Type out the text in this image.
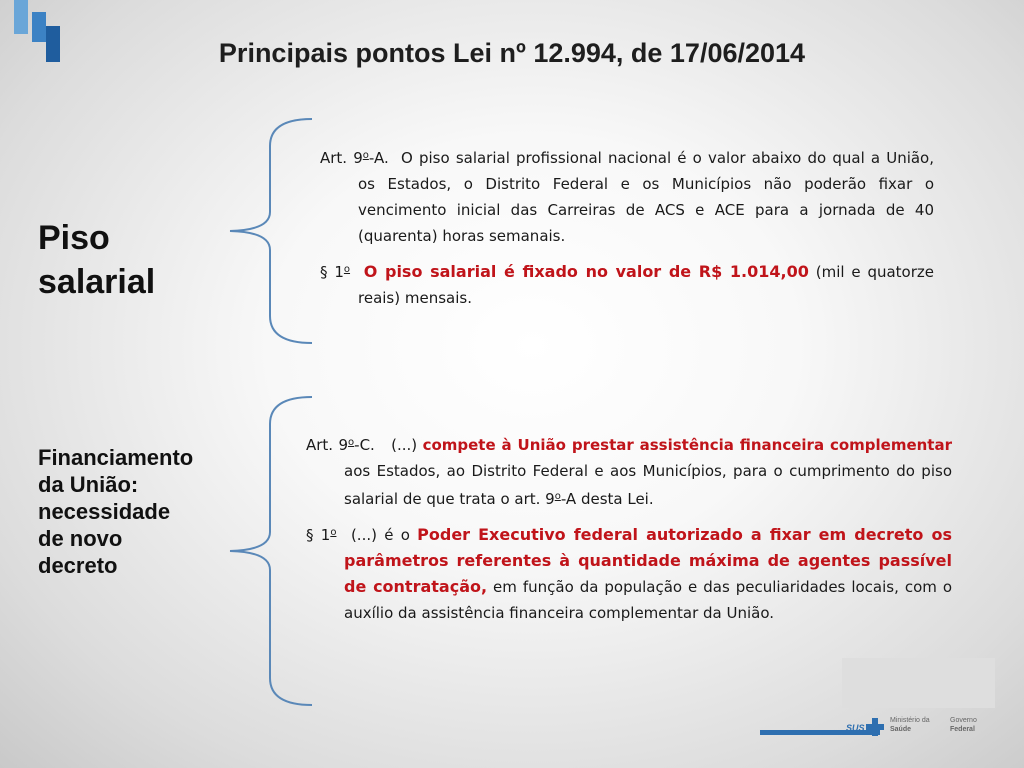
Principais pontos Lei nº 12.994, de 17/06/2014
Piso
salarial

Art. 9$^o$-A. O piso salarial profissional nacional é o valor abaixo do qual a União, os Estados, o Distrito Federal e os Municípios não poderão fixar o vencimento inicial das Carreiras de ACS e ACE para a jornada de 40 (quarenta) horas semanais.

§ 1$^o$ O piso salarial é fixado no valor de R$ 1.014,00 (mil e quatorze reais) mensais.

Financiamento
da União:
necessidade
de novo
decreto

Art. 9$^o$-C. (...) compete à União prestar assistência financeira complementar aos Estados, ao Distrito Federal e aos Municípios, para o cumprimento do piso salarial de que trata o art. 9$^o$-A desta Lei.

§ 1$^o$ (...) é o Poder Executivo federal autorizado a fixar em decreto os parâmetros referentes à quantidade máxima de agentes passível de contratação, em função da população e das peculiaridades locais, com o auxílio da assistência financeira complementar da União.

SUS
Ministério da
Saúde
Governo
Federal
